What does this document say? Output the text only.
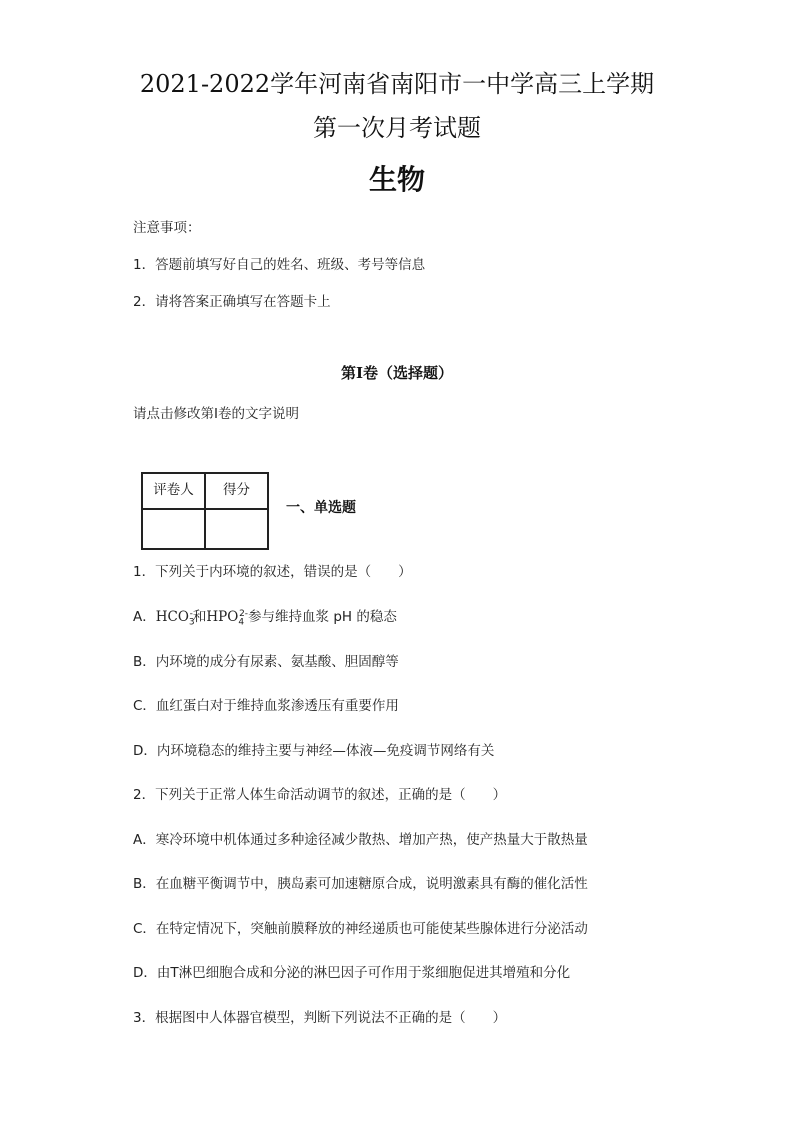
2021-2022学年河南省南阳市一中学高三上学期
第一次月考试题
生物
注意事项：
1．答题前填写好自己的姓名、班级、考号等信息
2．请将答案正确填写在答题卡上
第I卷（选择题）
请点击修改第I卷的文字说明
评卷人	得分

一、单选题
1．下列关于内环境的叙述，错误的是（　　）
A．$HCO_3^-$和$HPO_4^{2-}$参与维持血浆 pH 的稳态
B．内环境的成分有尿素、氨基酸、胆固醇等
C．血红蛋白对于维持血浆渗透压有重要作用
D．内环境稳态的维持主要与神经—体液—免疫调节网络有关
2．下列关于正常人体生命活动调节的叙述，正确的是（　　）
A．寒冷环境中机体通过多种途径减少散热、增加产热，使产热量大于散热量
B．在血糖平衡调节中，胰岛素可加速糖原合成，说明激素具有酶的催化活性
C．在特定情况下，突触前膜释放的神经递质也可能使某些腺体进行分泌活动
D．由T淋巴细胞合成和分泌的淋巴因子可作用于浆细胞促进其增殖和分化
3．根据图中人体器官模型，判断下列说法不正确的是（　　）
